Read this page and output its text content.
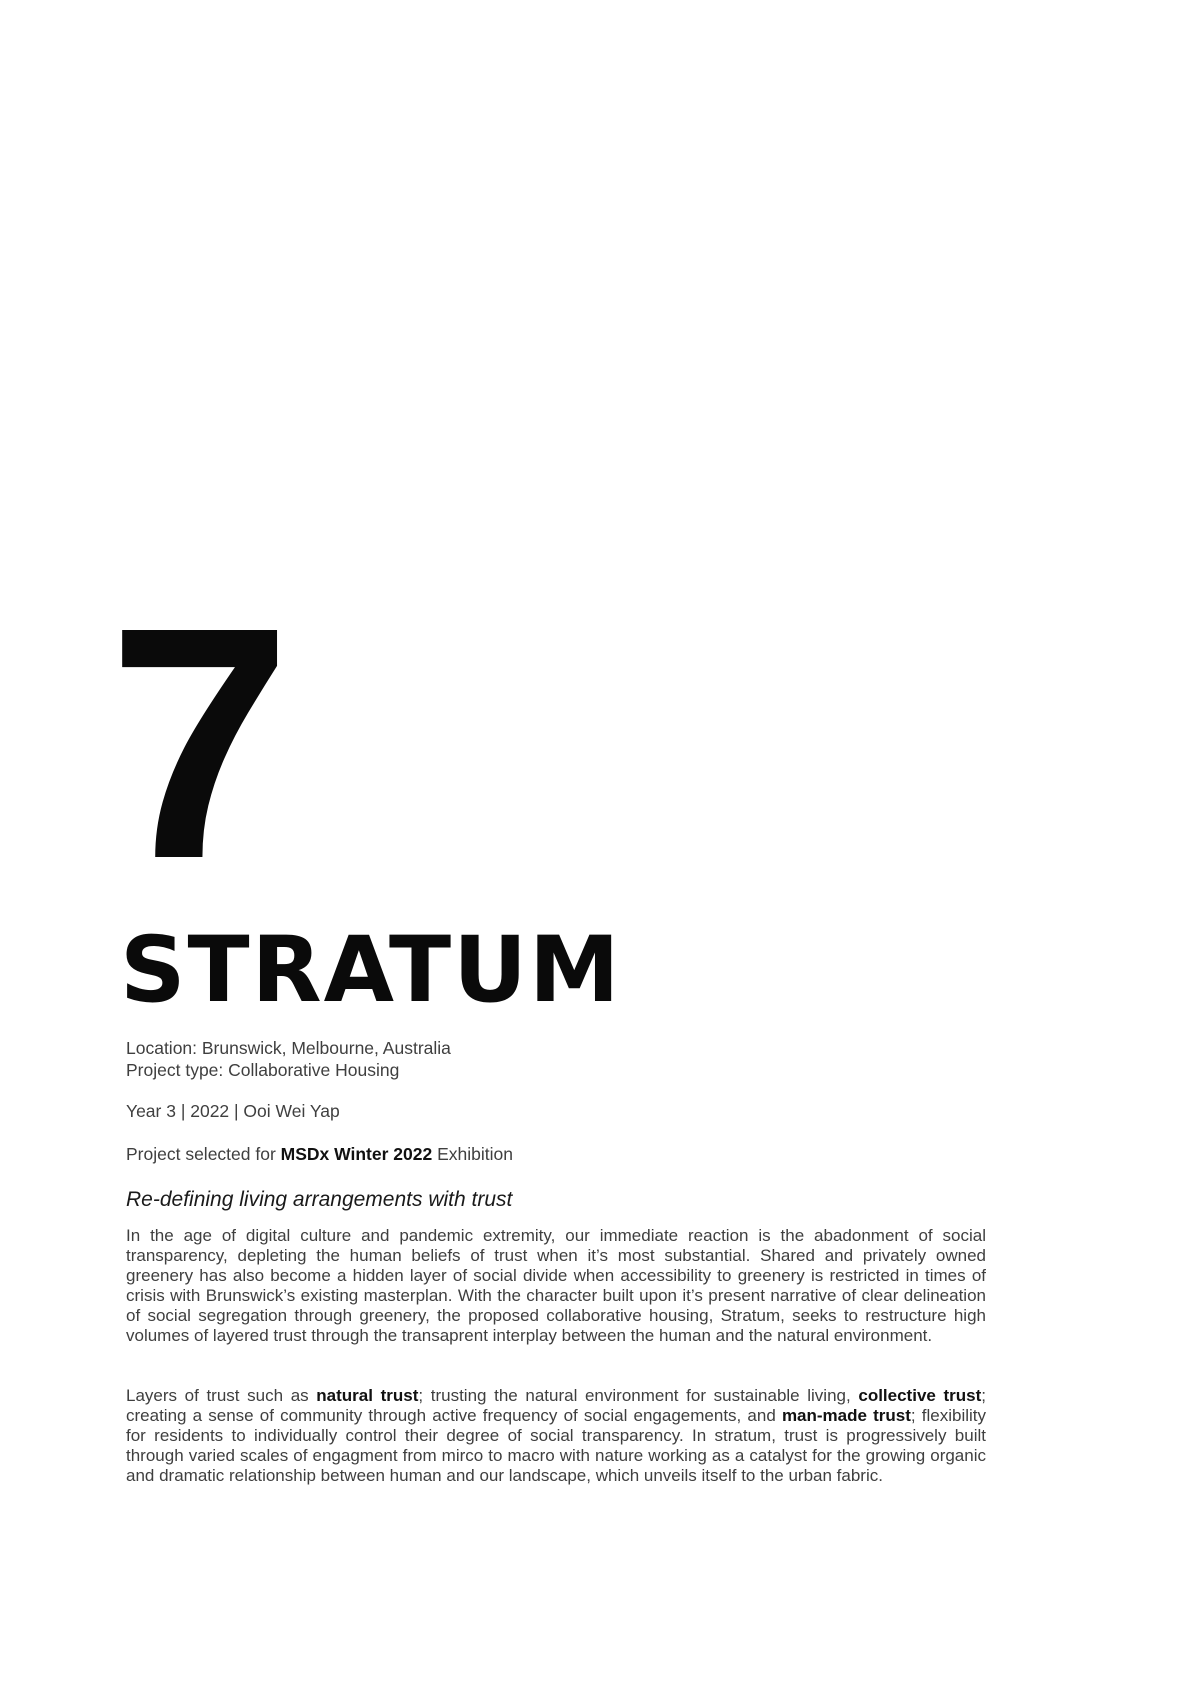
7
STRATUM
Location: Brunswick, Melbourne, Australia
Project type: Collaborative Housing
Year 3 | 2022 | Ooi Wei Yap
Project selected for MSDx Winter 2022 Exhibition

Re-defining living arrangements with trust

In the age of digital culture and pandemic extremity, our immediate reaction is the abadonment of social transparency, depleting the human beliefs of trust when it’s most substantial. Shared and privately owned greenery has also become a hidden layer of social divide when accessibility to greenery is restricted in times of crisis with Brunswick’s existing masterplan. With the character built upon it’s present narrative of clear delineation of social segregation through greenery, the proposed collaborative housing, Stratum, seeks to restructure high volumes of layered trust through the transaprent interplay between the human and the natural environment.

Layers of trust such as natural trust; trusting the natural environment for sustainable living, collective trust; creating a sense of community through active frequency of social engagements, and man-made trust; flexibility for residents to individually control their degree of social transparency. In stratum, trust is progressively built through varied scales of engagment from mirco to macro with nature working as a catalyst for the growing organic and dramatic relationship between human and our landscape, which unveils itself to the urban fabric.
